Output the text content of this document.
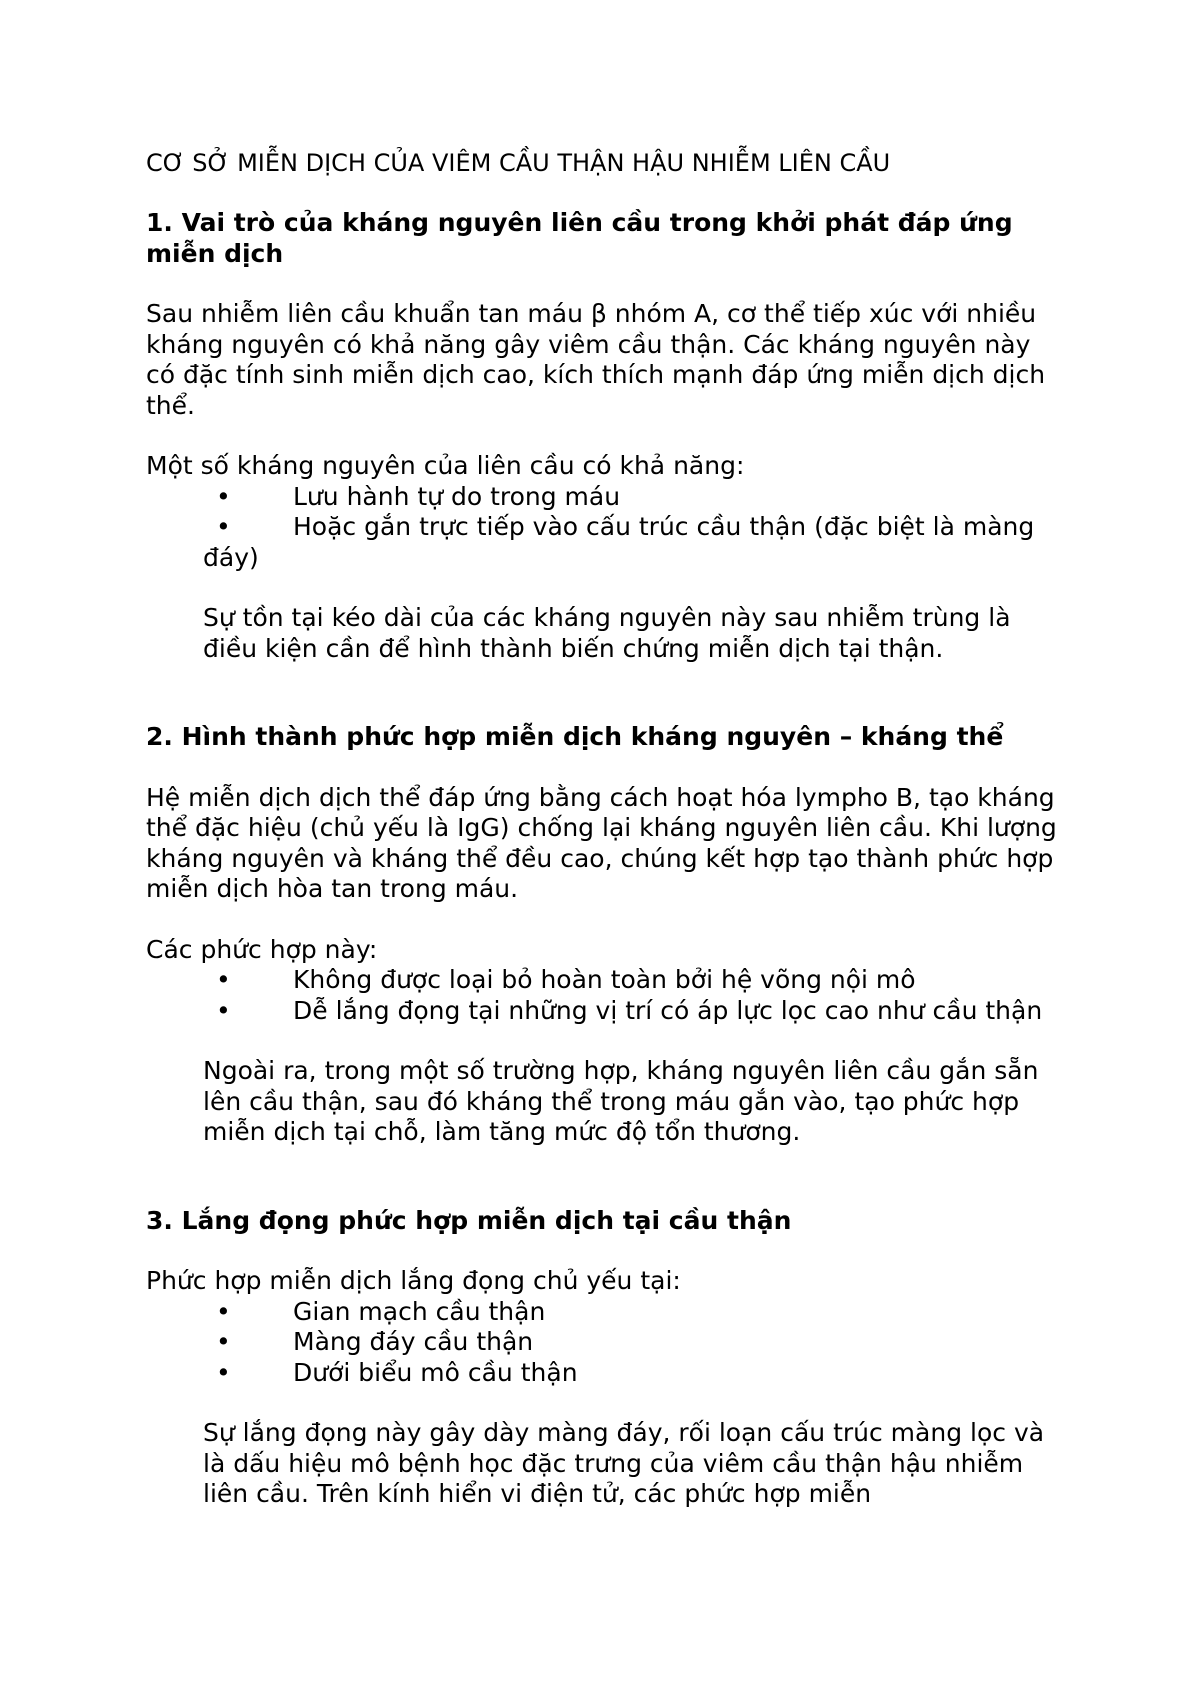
CƠ SỞ MIỄN DỊCH CỦA VIÊM CẦU THẬN HẬU NHIỄM LIÊN CẦU
1. Vai trò của kháng nguyên liên cầu trong khởi phát đáp ứng miễn dịch
Sau nhiễm liên cầu khuẩn tan máu β nhóm A, cơ thể tiếp xúc với nhiều kháng nguyên có khả năng gây viêm cầu thận. Các kháng nguyên này có đặc tính sinh miễn dịch cao, kích thích mạnh đáp ứng miễn dịch dịch thể.
Một số kháng nguyên của liên cầu có khả năng:
• Lưu hành tự do trong máu
• Hoặc gắn trực tiếp vào cấu trúc cầu thận (đặc biệt là màng đáy)
Sự tồn tại kéo dài của các kháng nguyên này sau nhiễm trùng là điều kiện cần để hình thành biến chứng miễn dịch tại thận.
2. Hình thành phức hợp miễn dịch kháng nguyên – kháng thể
Hệ miễn dịch dịch thể đáp ứng bằng cách hoạt hóa lympho B, tạo kháng thể đặc hiệu (chủ yếu là IgG) chống lại kháng nguyên liên cầu. Khi lượng kháng nguyên và kháng thể đều cao, chúng kết hợp tạo thành phức hợp miễn dịch hòa tan trong máu.
Các phức hợp này:
• Không được loại bỏ hoàn toàn bởi hệ võng nội mô
• Dễ lắng đọng tại những vị trí có áp lực lọc cao như cầu thận
Ngoài ra, trong một số trường hợp, kháng nguyên liên cầu gắn sẵn lên cầu thận, sau đó kháng thể trong máu gắn vào, tạo phức hợp miễn dịch tại chỗ, làm tăng mức độ tổn thương.
3. Lắng đọng phức hợp miễn dịch tại cầu thận
Phức hợp miễn dịch lắng đọng chủ yếu tại:
• Gian mạch cầu thận
• Màng đáy cầu thận
• Dưới biểu mô cầu thận
Sự lắng đọng này gây dày màng đáy, rối loạn cấu trúc màng lọc và là dấu hiệu mô bệnh học đặc trưng của viêm cầu thận hậu nhiễm liên cầu. Trên kính hiển vi điện tử, các phức hợp miễn
